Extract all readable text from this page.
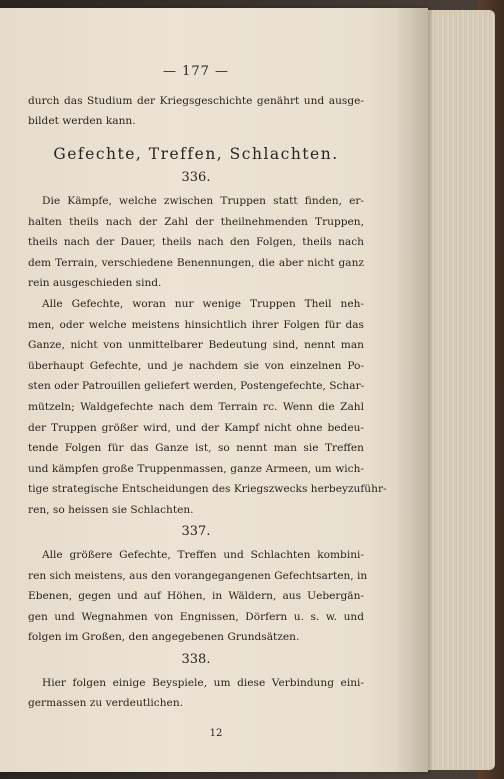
— 177 —
durch das Studium der Kriegsgeschichte genährt und ausge-
bildet werden kann.
Gefechte, Treffen, Schlachten.
336.
Die Kämpfe, welche zwischen Truppen statt finden, er-
halten theils nach der Zahl der theilnehmenden Truppen,
theils nach der Dauer, theils nach den Folgen, theils nach
dem Terrain, verschiedene Benennungen, die aber nicht ganz
rein ausgeschieden sind.
Alle Gefechte, woran nur wenige Truppen Theil neh-
men, oder welche meistens hinsichtlich ihrer Folgen für das
Ganze, nicht von unmittelbarer Bedeutung sind, nennt man
überhaupt Gefechte, und je nachdem sie von einzelnen Po-
sten oder Patrouillen geliefert werden, Postengefechte, Schar-
mützeln; Waldgefechte nach dem Terrain rc. Wenn die Zahl
der Truppen größer wird, und der Kampf nicht ohne bedeu-
tende Folgen für das Ganze ist, so nennt man sie Treffen
und kämpfen große Truppenmassen, ganze Armeen, um wich-
tige strategische Entscheidungen des Kriegszwecks herbeyzuführ-
ren, so heissen sie Schlachten.
337.
Alle größere Gefechte, Treffen und Schlachten kombini-
ren sich meistens, aus den vorangegangenen Gefechtsarten, in
Ebenen, gegen und auf Höhen, in Wäldern, aus Uebergän-
gen und Wegnahmen von Engnissen, Dörfern u. s. w. und
folgen im Großen, den angegebenen Grundsätzen.
338.
Hier folgen einige Beyspiele, um diese Verbindung eini-
germassen zu verdeutlichen.
12
